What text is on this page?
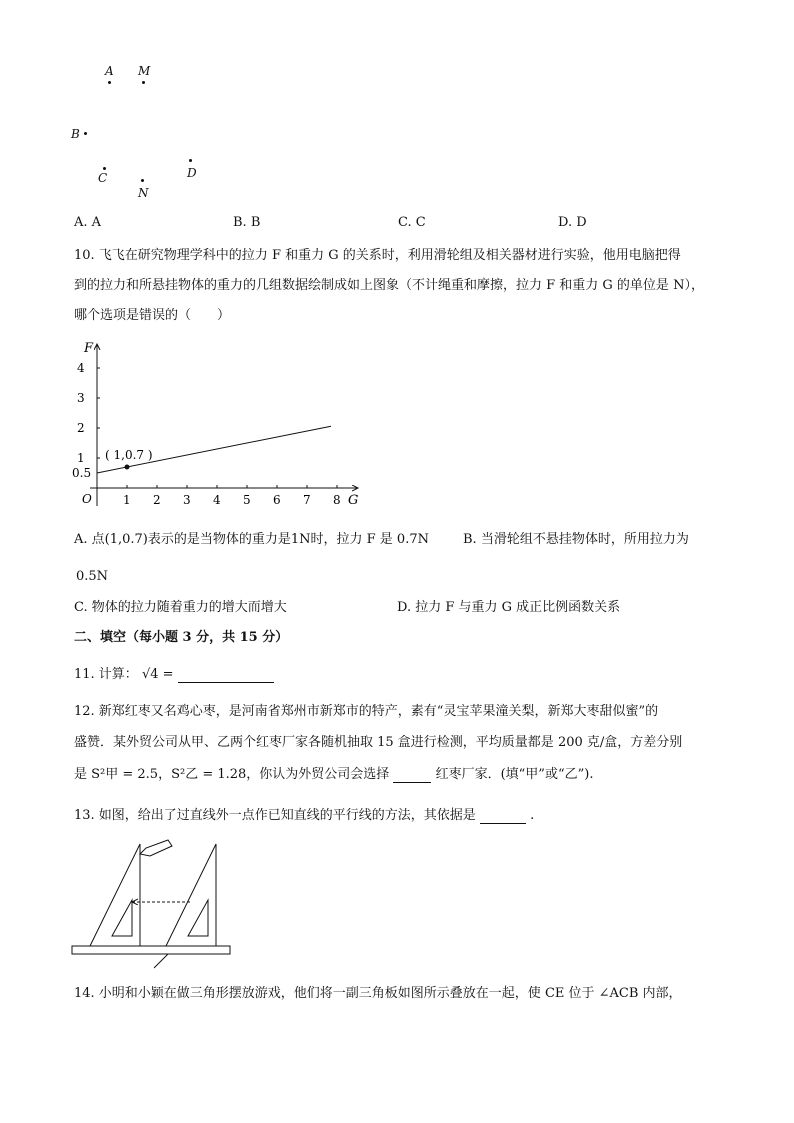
A M
B
C
N
D
A. A	B. B	C. C	D. D
10. 飞飞在研究物理学科中的拉力 F 和重力 G 的关系时，利用滑轮组及相关器材进行实验，他用电脑把得
到的拉力和所悬挂物体的重力的几组数据绘制成如上图象（不计绳重和摩擦，拉力 F 和重力 G 的单位是 N），
哪个选项是错误的（　　）
F
G
O	1 2 3 4 5 6 7 8
1
2
3
4
0.5
( 1,0.7 )
A. 点(1,0.7)表示的是当物体的重力是1N时，拉力 F 是 0.7N	B. 当滑轮组不悬挂物体时，所用拉力为
0.5N
C. 物体的拉力随着重力的增大而增大	D. 拉力 F 与重力 G 成正比例函数关系
二、填空（每小题 3 分，共 15 分）
11. 计算： √4 =
12. 新郑红枣又名鸡心枣，是河南省郑州市新郑市的特产，素有“灵宝苹果潼关梨，新郑大枣甜似蜜”的
盛赞．某外贸公司从甲、乙两个红枣厂家各随机抽取 15 盒进行检测，平均质量都是 200 克/盒，方差分别
是 S²甲 = 2.5，S²乙 = 1.28，你认为外贸公司会选择	红枣厂家．(填“甲”或“乙”).
13. 如图，给出了过直线外一点作已知直线的平行线的方法，其依据是	.
14. 小明和小颖在做三角形摆放游戏，他们将一副三角板如图所示叠放在一起，使 CE 位于 ∠ACB 内部，
